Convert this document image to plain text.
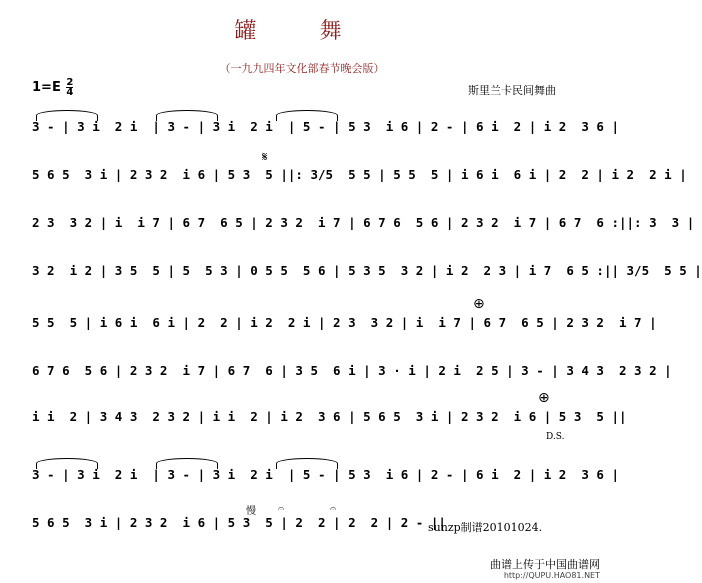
罐 舞
（一九九四年文化部春节晚会版）
$1=E \frac{2}{4}$	斯里兰卡民间舞曲
3 - | 3 i  2 i  | 3 - | 3 i  2 i  | 5 - | 5 3  i 6 | 2 - | 6 i  2 | i 2  3 6 |
𝄋
5 6 5  3 i | 2 3 2  i 6 | 5 3  5 ||: 3/5  5 5 | 5 5  5 | i 6 i  6 i | 2  2 | i 2  2 i |
2 3  3 2 | i  i 7 | 6 7  6 5 | 2 3 2  i 7 | 6 7 6  5 6 | 2 3 2  i 7 | 6 7  6 :||: 3  3 |
3 2  i 2 | 3 5  5 | 5  5 3 | 0 5 5  5 6 | 5 3 5  3 2 | i 2  2 3 | i 7  6 5 :|| 3/5  5 5 |
⊕
5 5  5 | i 6 i  6 i | 2  2 | i 2  2 i | 2 3  3 2 | i  i 7 | 6 7  6 5 | 2 3 2  i 7 |
6 7 6  5 6 | 2 3 2  i 7 | 6 7  6 | 3 5  6 i | 3 · i | 2 i  2 5 | 3 - | 3 4 3  2 3 2 |
⊕
i i  2 | 3 4 3  2 3 2 | i i  2 | i 2  3 6 | 5 6 5  3 i | 2 3 2  i 6 | 5 3  5 ||
D.S.
3 - | 3 i  2 i  | 3 - | 3 i  2 i  | 5 - | 5 3  i 6 | 2 - | 6 i  2 | i 2  3 6 |
慢 𝄐	𝄐
5 6 5  3 i | 2 3 2  i 6 | 5 3  5 | 2  2 | 2  2 | 2 - ||
sunzp制谱20101024.
曲谱上传于中国曲谱网
http://QUPU.HAO81.NET
